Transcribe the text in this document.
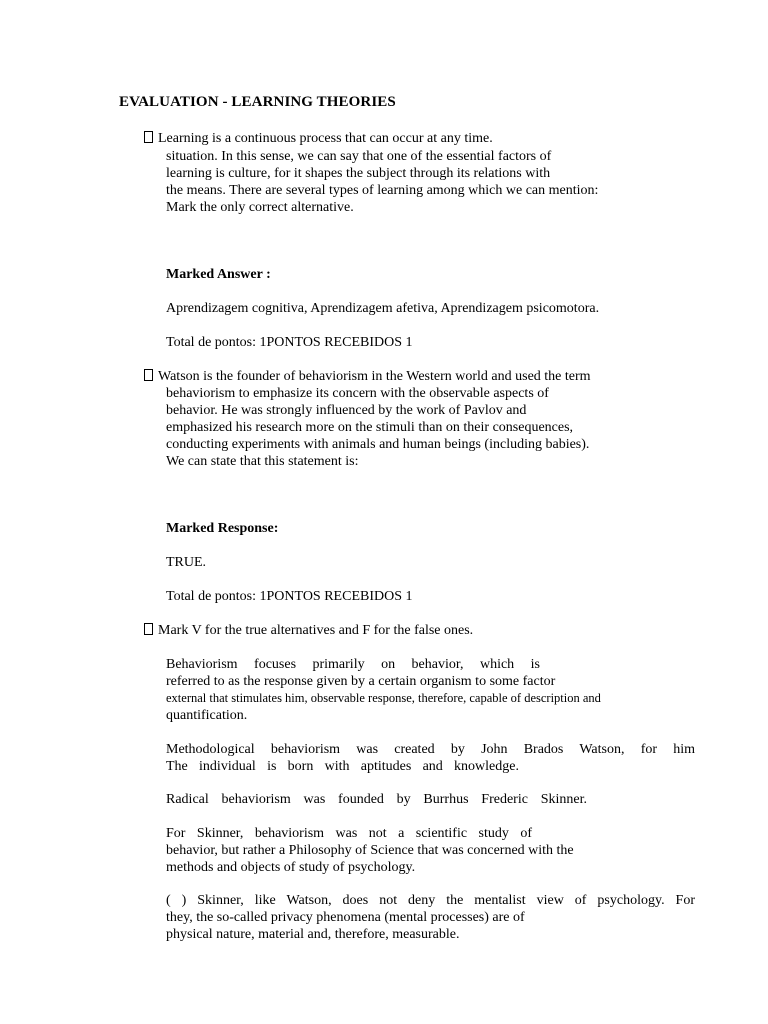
EVALUATION - LEARNING THEORIES
Learning is a continuous process that can occur at any time.
situation. In this sense, we can say that one of the essential factors of
learning is culture, for it shapes the subject through its relations with
the means. There are several types of learning among which we can mention:
Mark the only correct alternative.
Marked Answer :
Aprendizagem cognitiva, Aprendizagem afetiva, Aprendizagem psicomotora.
Total de pontos: 1PONTOS RECEBIDOS 1
Watson is the founder of behaviorism in the Western world and used the term
behaviorism to emphasize its concern with the observable aspects of
behavior. He was strongly influenced by the work of Pavlov and
emphasized his research more on the stimuli than on their consequences,
conducting experiments with animals and human beings (including babies).
We can state that this statement is:
Marked Response:
TRUE.
Total de pontos: 1PONTOS RECEBIDOS 1
Mark V for the true alternatives and F for the false ones.
Behaviorism focuses primarily on behavior, which is
referred to as the response given by a certain organism to some factor
external that stimulates him, observable response, therefore, capable of description and
quantification.
Methodological behaviorism was created by John Brados Watson, for him
The individual is born with aptitudes and knowledge.
Radical behaviorism was founded by Burrhus Frederic Skinner.
For Skinner, behaviorism was not a scientific study of
behavior, but rather a Philosophy of Science that was concerned with the
methods and objects of study of psychology.
( ) Skinner, like Watson, does not deny the mentalist view of psychology. For
they, the so-called privacy phenomena (mental processes) are of
physical nature, material and, therefore, measurable.
